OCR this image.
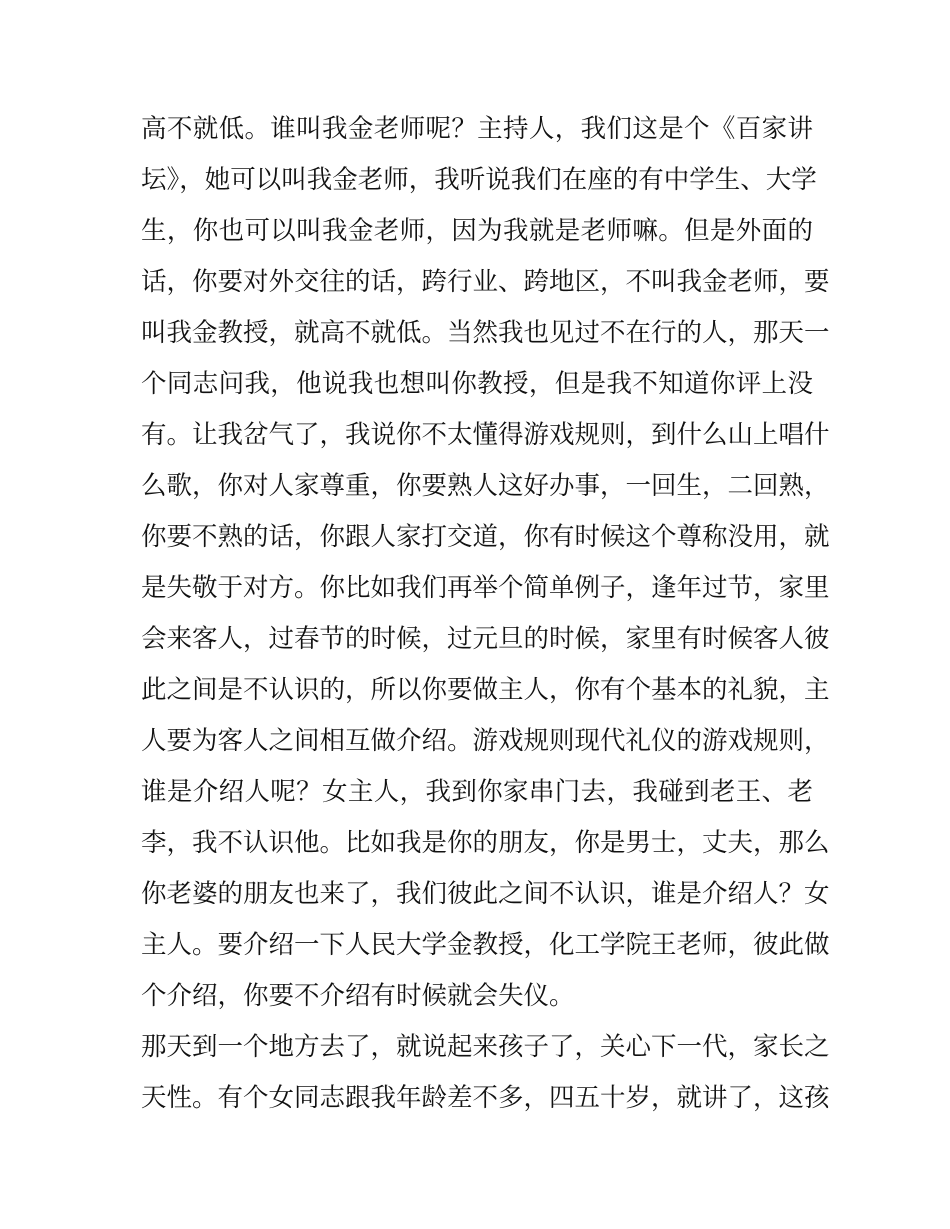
高不就低。谁叫我金老师呢？主持人，我们这是个《百家讲
坛》，她可以叫我金老师，我听说我们在座的有中学生、大学
生，你也可以叫我金老师，因为我就是老师嘛。但是外面的
话，你要对外交往的话，跨行业、跨地区，不叫我金老师，要
叫我金教授，就高不就低。当然我也见过不在行的人，那天一
个同志问我，他说我也想叫你教授，但是我不知道你评上没
有。让我岔气了，我说你不太懂得游戏规则，到什么山上唱什
么歌，你对人家尊重，你要熟人这好办事，一回生，二回熟，
你要不熟的话，你跟人家打交道，你有时候这个尊称没用，就
是失敬于对方。你比如我们再举个简单例子，逢年过节，家里
会来客人，过春节的时候，过元旦的时候，家里有时候客人彼
此之间是不认识的，所以你要做主人，你有个基本的礼貌，主
人要为客人之间相互做介绍。游戏规则现代礼仪的游戏规则，
谁是介绍人呢？女主人，我到你家串门去，我碰到老王、老
李，我不认识他。比如我是你的朋友，你是男士，丈夫，那么
你老婆的朋友也来了，我们彼此之间不认识，谁是介绍人？女
主人。要介绍一下人民大学金教授，化工学院王老师，彼此做
个介绍，你要不介绍有时候就会失仪。
那天到一个地方去了，就说起来孩子了，关心下一代，家长之
天性。有个女同志跟我年龄差不多，四五十岁，就讲了，这孩
